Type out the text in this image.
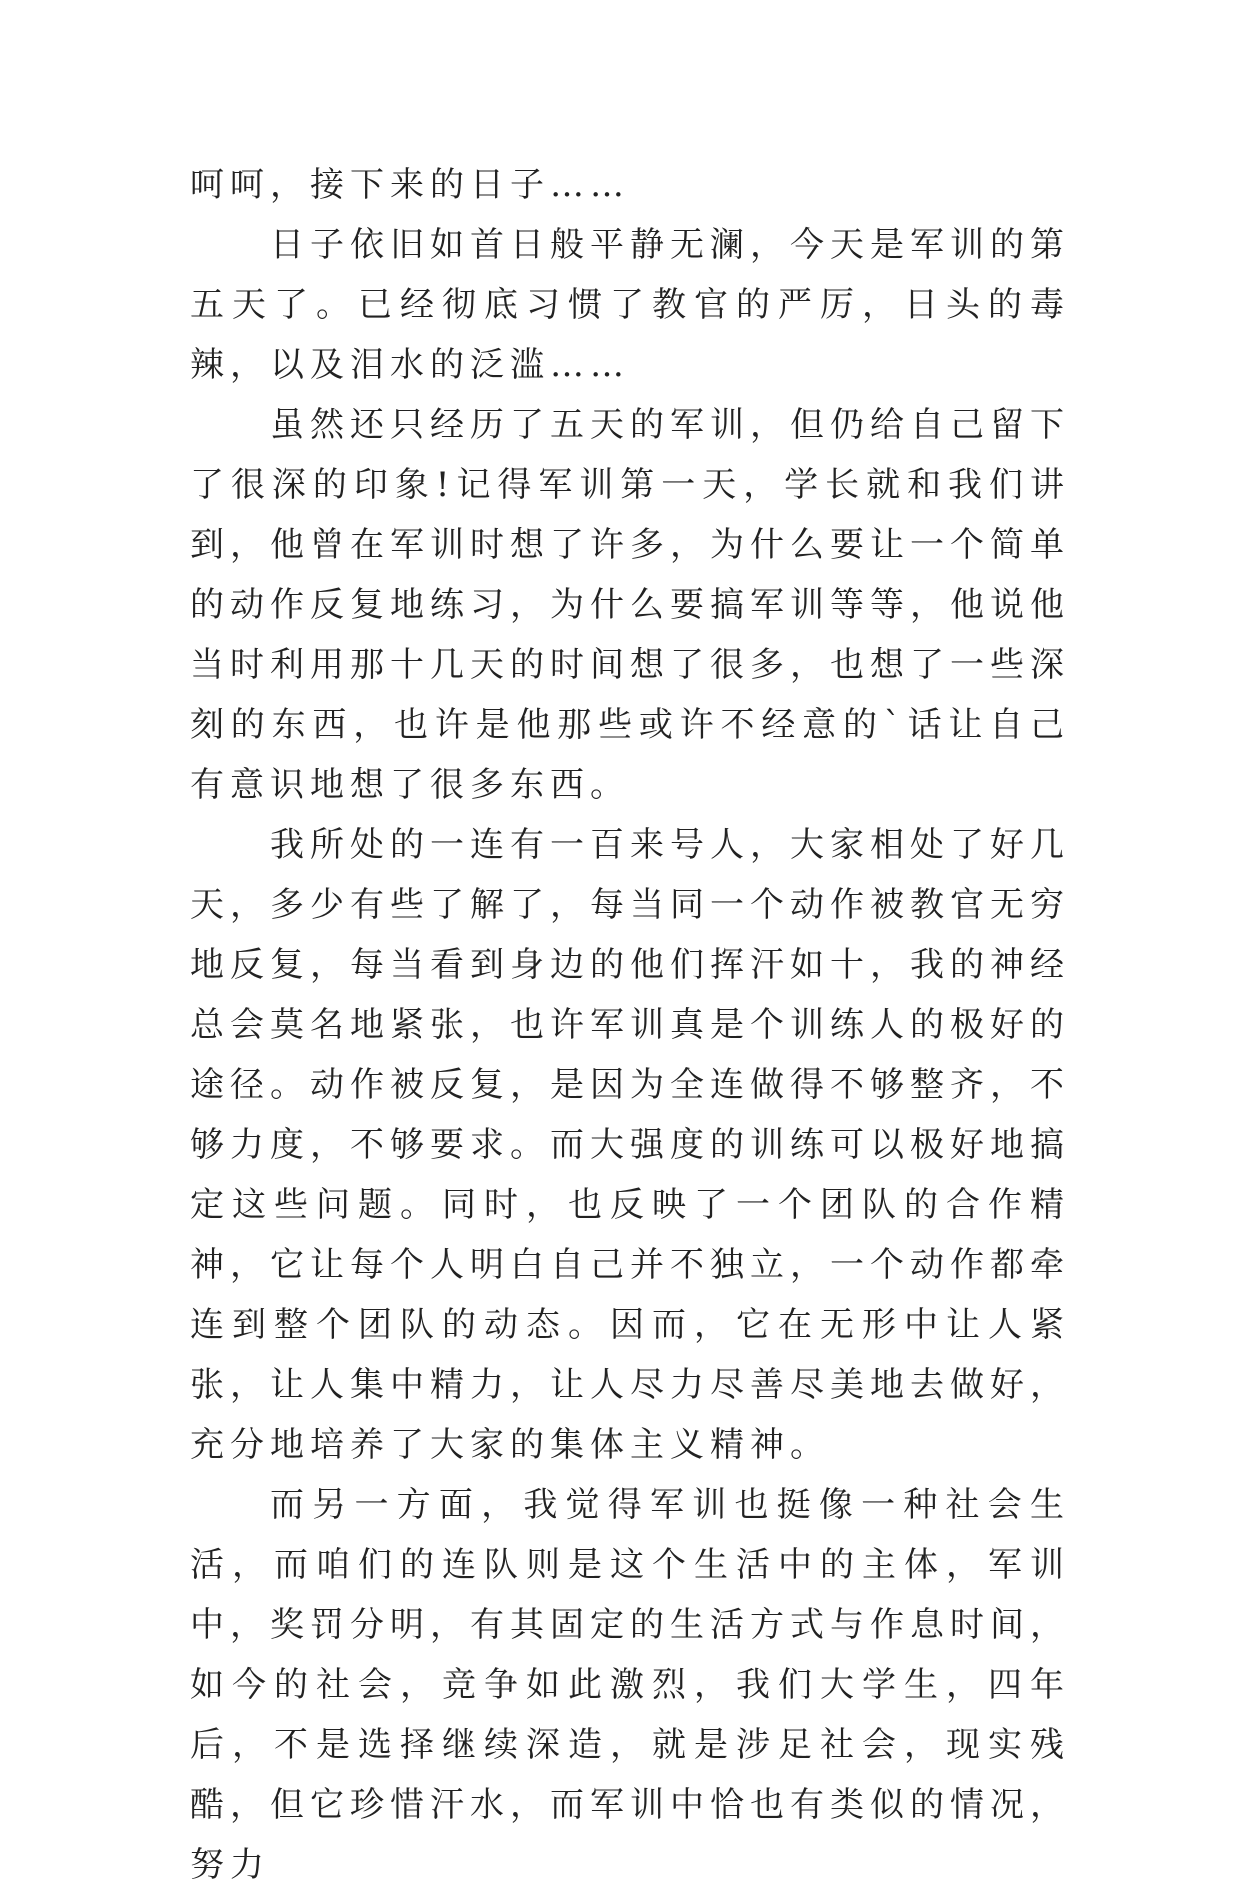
呵呵，接下来的日子……

日子依旧如首日般平静无澜，今天是军训的第五天了。已经彻底习惯了教官的严厉，日头的毒辣，以及泪水的泛滥……

虽然还只经历了五天的军训，但仍给自己留下了很深的印象!记得军训第一天，学长就和我们讲到，他曾在军训时想了许多，为什么要让一个简单的动作反复地练习，为什么要搞军训等等，他说他当时利用那十几天的时间想了很多，也想了一些深刻的东西，也许是他那些或许不经意的`话让自己有意识地想了很多东西。

我所处的一连有一百来号人，大家相处了好几天，多少有些了解了，每当同一个动作被教官无穷地反复，每当看到身边的他们挥汗如十，我的神经总会莫名地紧张，也许军训真是个训练人的极好的途径。动作被反复，是因为全连做得不够整齐，不够力度，不够要求。而大强度的训练可以极好地搞定这些问题。同时，也反映了一个团队的合作精神，它让每个人明白自己并不独立，一个动作都牵连到整个团队的动态。因而，它在无形中让人紧张，让人集中精力，让人尽力尽善尽美地去做好，充分地培养了大家的集体主义精神。

而另一方面，我觉得军训也挺像一种社会生活，而咱们的连队则是这个生活中的主体，军训中，奖罚分明，有其固定的生活方式与作息时间，如今的社会，竞争如此激烈，我们大学生，四年后，不是选择继续深造，就是涉足社会，现实残酷，但它珍惜汗水，而军训中恰也有类似的情况，努力
